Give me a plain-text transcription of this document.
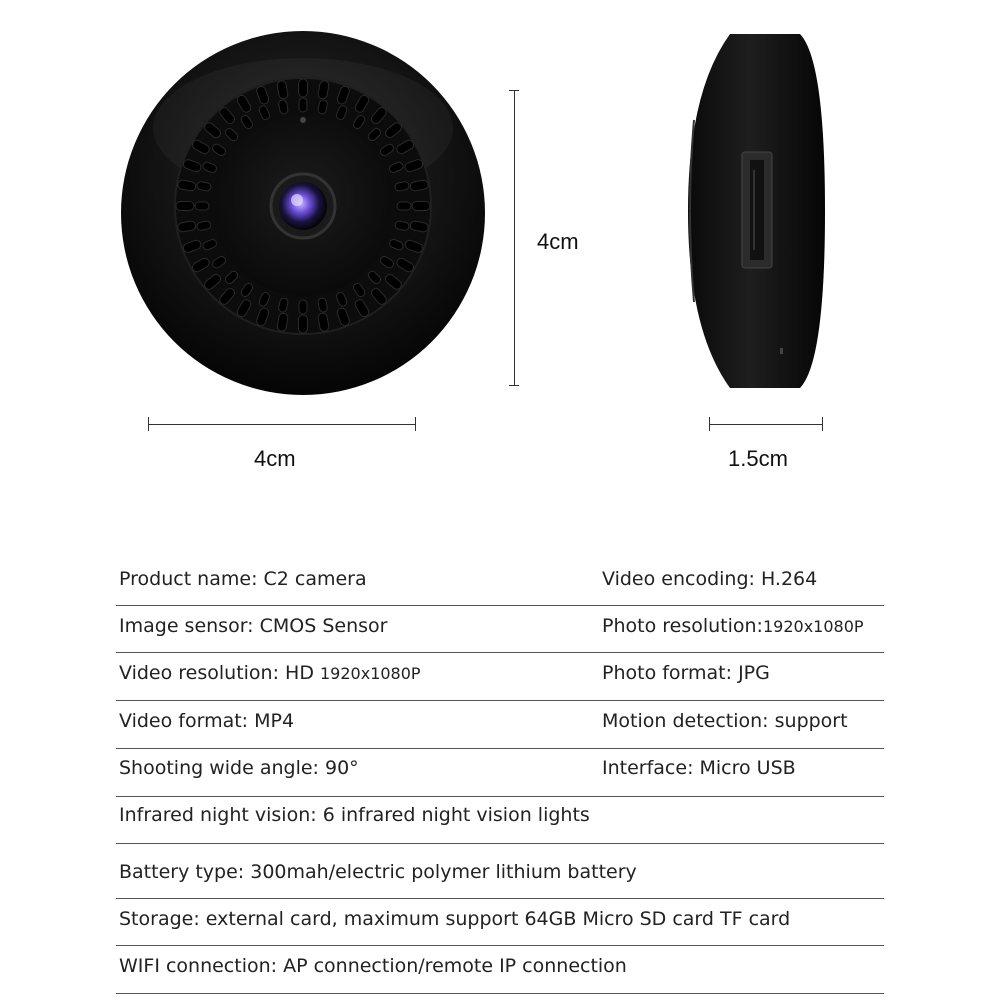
4cm
4cm
1.5cm
Product name: C2 camera	Video encoding: H.264
Image sensor: CMOS Sensor	Photo resolution:1920x1080P
Video resolution: HD 1920x1080P	Photo format: JPG
Video format: MP4	Motion detection: support
Shooting wide angle: 90°	Interface: Micro USB
Infrared night vision: 6 infrared night vision lights
Battery type: 300mah/electric polymer lithium battery
Storage: external card, maximum support 64GB Micro SD card TF card
WIFI connection: AP connection/remote IP connection
